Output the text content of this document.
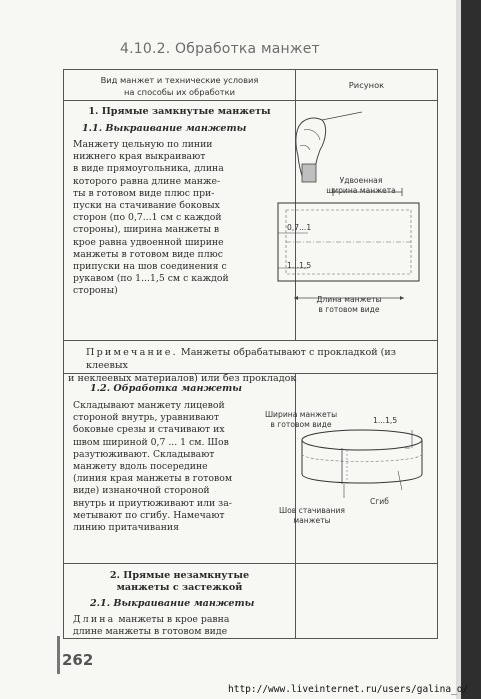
4.10.2. Обработка манжет
Вид манжет и технические условия
на способы их обработки
Рисунок
1. Прямые замкнутые манжеты
1.1. Выкраивание манжеты
Манжету цельную по линии
нижнего края выкраивают
в виде прямоугольника, длина
которого равна длине манже-
ты в готовом виде плюс при-
пуски на стачивание боковых
сторон (по 0,7...1 см с каждой
стороны), ширина манжеты в
крое равна удвоенной ширине
манжеты в готовом виде плюс
припуски на шов соединения с
рукавом (по 1...1,5 см с каждой
стороны)
Удвоенная
ширина манжета
0,7...1
1...1,5
Длина манжеты
в готовом виде
Примечание. Манжеты обрабатывают с прокладкой (из клеевых
и неклеевых материалов) или без прокладок
1.2. Обработка манжеты
Складывают манжету лицевой
стороной внутрь, уравнивают
боковые срезы и стачивают их
швом шириной 0,7 ... 1 см. Шов
разутюживают. Складывают
манжету вдоль посередине
(линия края манжеты в готовом
виде) изнаночной стороной
внутрь и приутюживают или за-
метывают по сгибу. Намечают
линию притачивания
Ширина манжеты
в готовом виде	1...1,5
Сгиб
Шов стачивания
манжеты
2. Прямые незамкнутые
манжеты с застежкой
2.1. Выкраивание манжеты
Длина манжеты в крое равна
длине манжеты в готовом виде
262
http://www.liveinternet.ru/users/galina_o/
